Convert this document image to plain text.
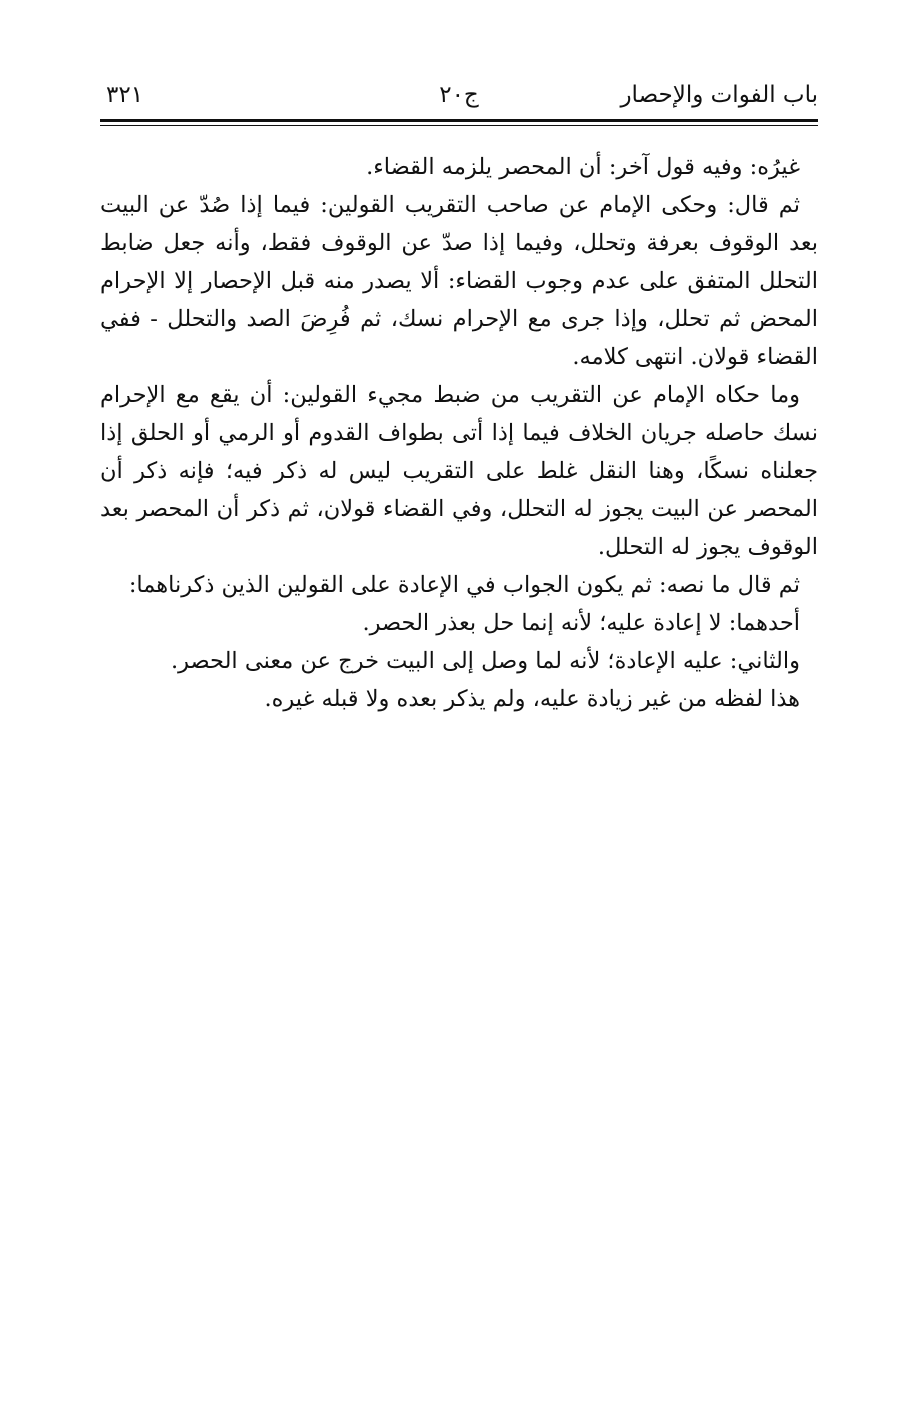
باب الفوات والإحصار
ج٢٠
٣٢١

غيرُه: وفيه قول آخر: أن المحصر يلزمه القضاء.

ثم قال: وحكى الإمام عن صاحب التقريب القولين: فيما إذا صُدّ عن البيت بعد الوقوف بعرفة وتحلل، وفيما إذا صدّ عن الوقوف فقط، وأنه جعل ضابط التحلل المتفق على عدم وجوب القضاء: ألا يصدر منه قبل الإحصار إلا الإحرام المحض ثم تحلل، وإذا جرى مع الإحرام نسك، ثم فُرِضَ الصد والتحلل - ففي القضاء قولان. انتهى كلامه.

وما حكاه الإمام عن التقريب من ضبط مجيء القولين: أن يقع مع الإحرام نسك حاصله جريان الخلاف فيما إذا أتى بطواف القدوم أو الرمي أو الحلق إذا جعلناه نسكًا، وهنا النقل غلط على التقريب ليس له ذكر فيه؛ فإنه ذكر أن المحصر عن البيت يجوز له التحلل، وفي القضاء قولان، ثم ذكر أن المحصر بعد الوقوف يجوز له التحلل.

ثم قال ما نصه: ثم يكون الجواب في الإعادة على القولين الذين ذكرناهما:

أحدهما: لا إعادة عليه؛ لأنه إنما حل بعذر الحصر.

والثاني: عليه الإعادة؛ لأنه لما وصل إلى البيت خرج عن معنى الحصر.

هذا لفظه من غير زيادة عليه، ولم يذكر بعده ولا قبله غيره.
